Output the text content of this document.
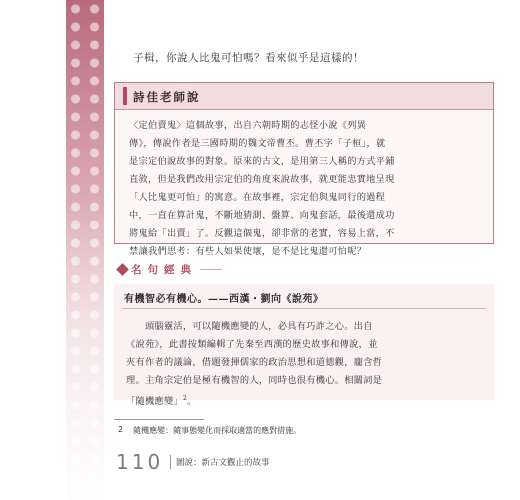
子楫，你說人比鬼可怕嗎？看來似乎是這樣的！
詩佳老師說

〈定伯賣鬼〉這個故事，出自六朝時期的志怪小說《列異

傳》，傳說作者是三國時期的魏文帝曹丕。曹丕字「子桓」，就

是宗定伯說故事的對象。原來的古文，是用第三人稱的方式平鋪

直敘，但是我們改用宗定伯的角度來說故事，就更能忠實地呈現

「人比鬼更可怕」的寓意。在故事裡，宗定伯與鬼同行的過程

中，一直在算計鬼，不斷地猜測、盤算、向鬼套話，最後還成功

將鬼給「出賣」了。反觀這個鬼，卻非常的老實，容易上當，不

禁讓我們思考：有些人如果使壞，是不是比鬼還可怕呢？

名句經典
有機智必有機心。——西漢・劉向《說苑》

　　頭腦靈活，可以隨機應變的人，必具有巧詐之心。出自

《說苑》，此書按類編輯了先秦至西漢的歷史故事和傳說，並

夾有作者的議論，借題發揮儒家的政治思想和道德觀，龐含哲

理。主角宗定伯是極有機智的人，同時也很有機心。相關詞是

「隨機應變」$^2$。

2 隨機應變：隨事態變化而採取適當的應對措施。
110 圖說：新古文觀止的故事
